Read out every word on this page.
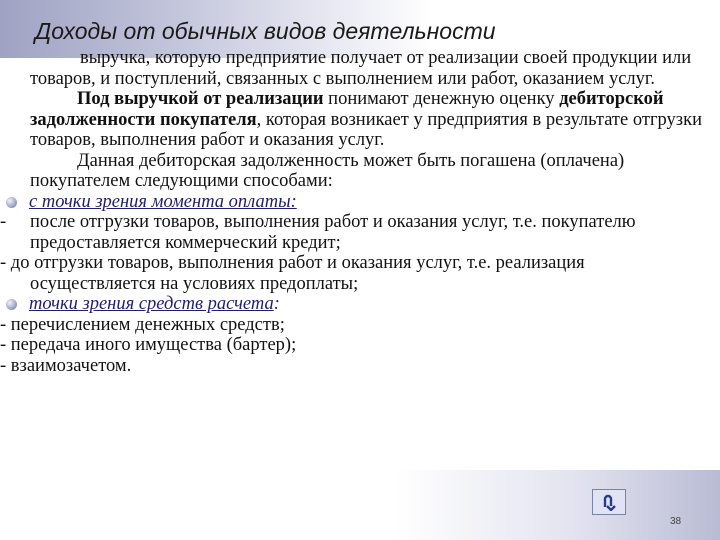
Доходы от обычных видов деятельности
выручка, которую предприятие получает от реализации своей продукции или товаров, и поступлений, связанных с выполнением или работ, оказанием услуг.
Под выручкой от реализации понимают денежную оценку дебиторской задолженности покупателя, которая возникает у предприятия в результате отгрузки товаров, выполнения работ и оказания услуг.
Данная дебиторская задолженность может быть погашена (оплачена) покупателем следующими способами:
с точки зрения момента оплаты:
- после отгрузки товаров, выполнения работ и оказания услуг, т.е. покупателю предоставляется коммерческий кредит;
- до отгрузки товаров, выполнения работ и оказания услуг, т.е. реализация осуществляется на условиях предоплаты;
точки зрения средств расчета:
- перечислением денежных средств;
- передача иного имущества (бартер);
- взаимозачетом.
38
